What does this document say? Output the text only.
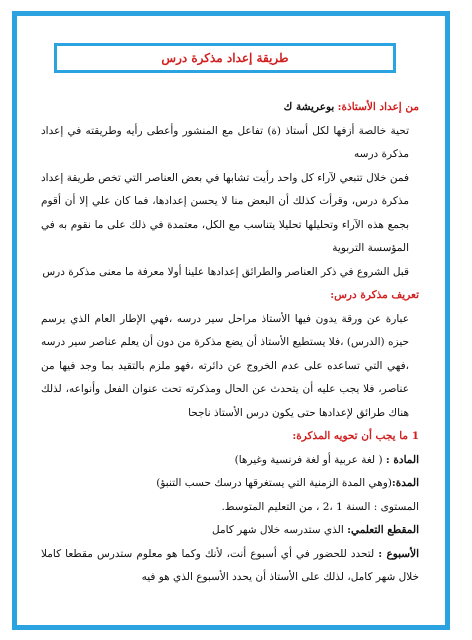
طريقة إعداد مذكرة درس

من إعداد الأستاذة: بوعريشة ك

تحية خالصة أزفها لكل أستاذ (ة) تفاعل مع المنشور وأعطى رأيه وطريقته في إعداد مذكرة درسه

فمن خلال تتبعي لآراء كل واحد رأيت تشابها في بعض العناصر التي تخص طريقة إعداد مذكرة درس، وقرأت كذلك أن البعض منا لا يحسن إعدادها، فما كان علي إلا أن أقوم بجمع هذه الآراء وتحليلها تحليلا يتناسب مع الكل، معتمدة في ذلك على ما نقوم به في المؤسسة التربوية

قبل الشروع في ذكر العناصر والطرائق إعدادها علينا أولا معرفة ما معنى مذكرة درس

تعريف مذكرة درس:

عبارة عن ورقة يدون فيها الأستاذ مراحل سير درسه ،فهي الإطار العام الذي يرسم حيزه (الدرس) ،فلا يستطيع الأستاذ أن يضع مذكرة من دون أن يعلم عناصر سير درسه ،فهي التي تساعده على عدم الخروج عن دائرته ،فهو ملزم بالتقيد بما وجد فيها من عناصر، فلا يجب عليه أن يتحدث عن الحال ومذكرته تحت عنوان الفعل وأنواعه، لذلك هناك طرائق لإعدادها حتى يكون درس الأستاذ ناجحا

1 ما يجب أن تحويه المذكرة:

المادة : ( لغة عربية أو لغة فرنسية وغيرها)

المدة:(وهي المدة الزمنية التي يستغرقها درسك حسب التنبؤ)

المستوى : السنة 1 ،2 ، من التعليم المتوسط.

المقطع التعلمي: الذي ستدرسه خلال شهر كامل

الأسبوع : لتحدد للحضور في أي أسبوع أنت، لأنك وكما هو معلوم ستدرس مقطعا كاملا خلال شهر كامل، لذلك على الأستاذ أن يحدد الأسبوع الذي هو فيه
